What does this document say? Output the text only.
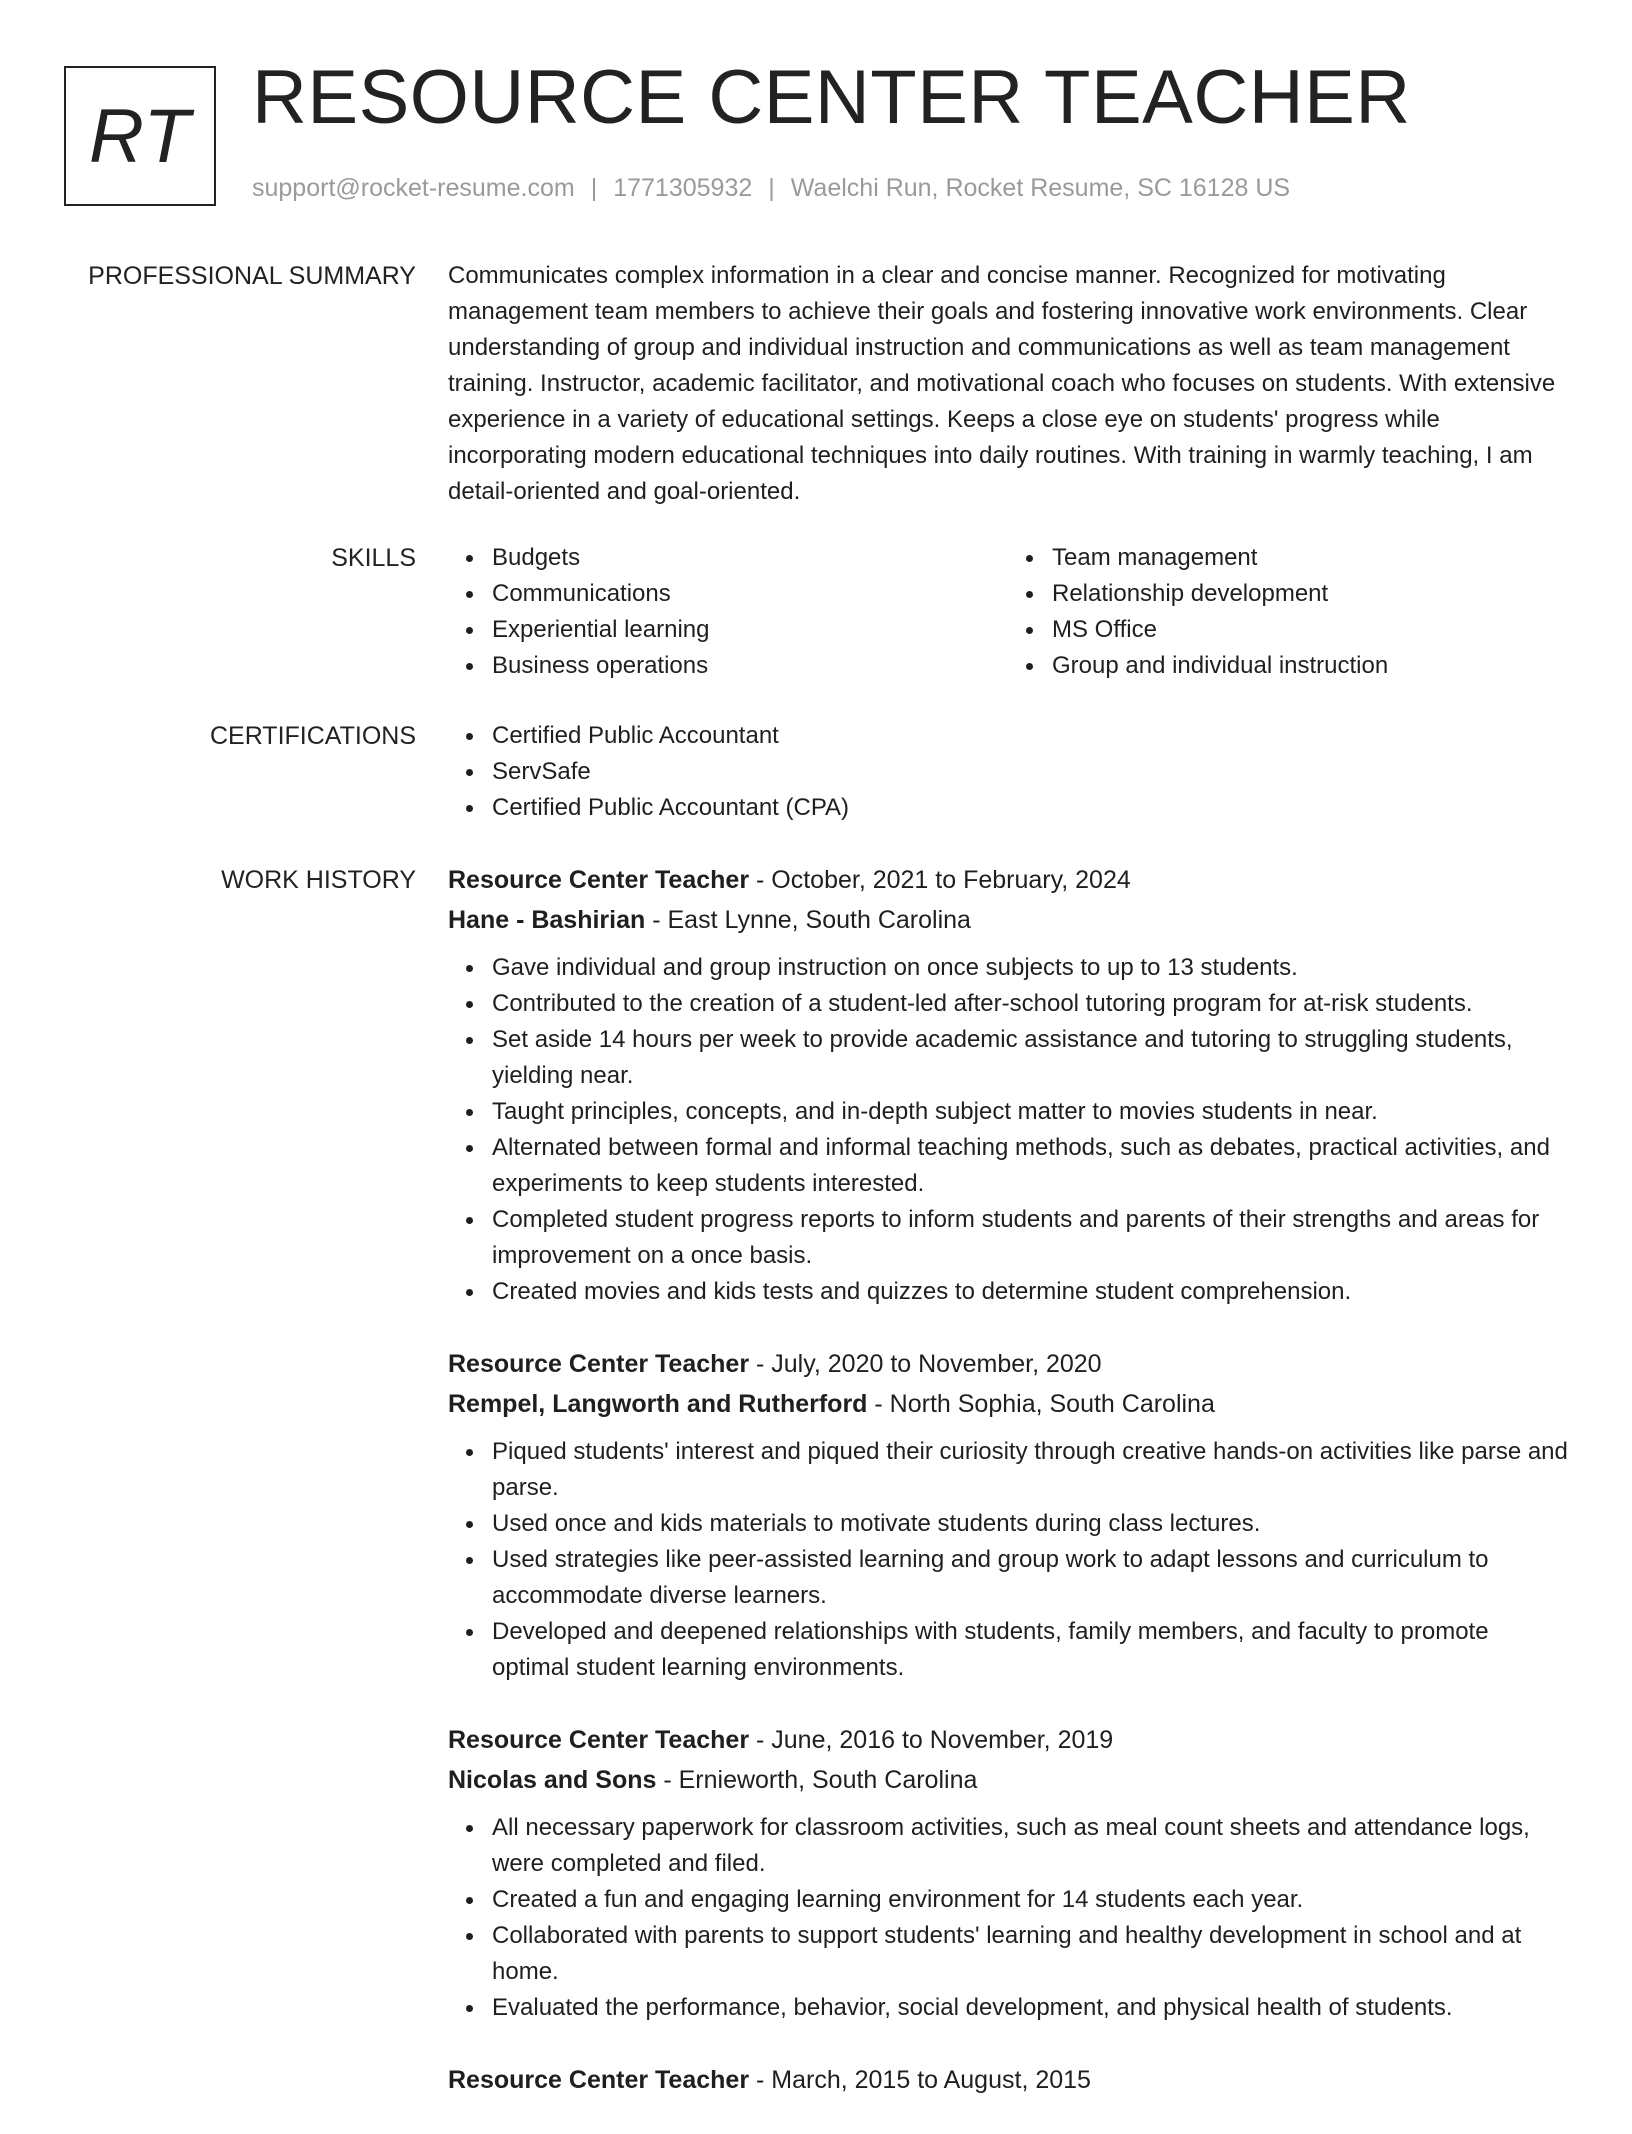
RT RESOURCE CENTER TEACHER
support@rocket-resume.com | 1771305932 | Waelchi Run, Rocket Resume, SC 16128 US
PROFESSIONAL SUMMARY Communicates complex information in a clear and concise manner. Recognized for motivating management team members to achieve their goals and fostering innovative work environments. Clear understanding of group and individual instruction and communications as well as team management training. Instructor, academic facilitator, and motivational coach who focuses on students. With extensive experience in a variety of educational settings. Keeps a close eye on students' progress while incorporating modern educational techniques into daily routines. With training in warmly teaching, I am detail-oriented and goal-oriented.
SKILLS	Budgets
Communications
Experiential learning
Business operations
Team management
Relationship development
MS Office
Group and individual instruction
CERTIFICATIONS	Certified Public Accountant
ServSafe
Certified Public Accountant (CPA)
WORK HISTORY Resource Center Teacher - October, 2021 to February, 2024
Hane - Bashirian - East Lynne, South Carolina
Gave individual and group instruction on once subjects to up to 13 students.
Contributed to the creation of a student-led after-school tutoring program for at-risk students.
Set aside 14 hours per week to provide academic assistance and tutoring to struggling students, yielding near.
Taught principles, concepts, and in-depth subject matter to movies students in near.
Alternated between formal and informal teaching methods, such as debates, practical activities, and experiments to keep students interested.
Completed student progress reports to inform students and parents of their strengths and areas for improvement on a once basis.
Created movies and kids tests and quizzes to determine student comprehension.
Resource Center Teacher - July, 2020 to November, 2020
Rempel, Langworth and Rutherford - North Sophia, South Carolina
Piqued students' interest and piqued their curiosity through creative hands-on activities like parse and parse.
Used once and kids materials to motivate students during class lectures.
Used strategies like peer-assisted learning and group work to adapt lessons and curriculum to accommodate diverse learners.
Developed and deepened relationships with students, family members, and faculty to promote optimal student learning environments.
Resource Center Teacher - June, 2016 to November, 2019
Nicolas and Sons - Ernieworth, South Carolina
All necessary paperwork for classroom activities, such as meal count sheets and attendance logs, were completed and filed.
Created a fun and engaging learning environment for 14 students each year.
Collaborated with parents to support students' learning and healthy development in school and at home.
Evaluated the performance, behavior, social development, and physical health of students.
Resource Center Teacher - March, 2015 to August, 2015
